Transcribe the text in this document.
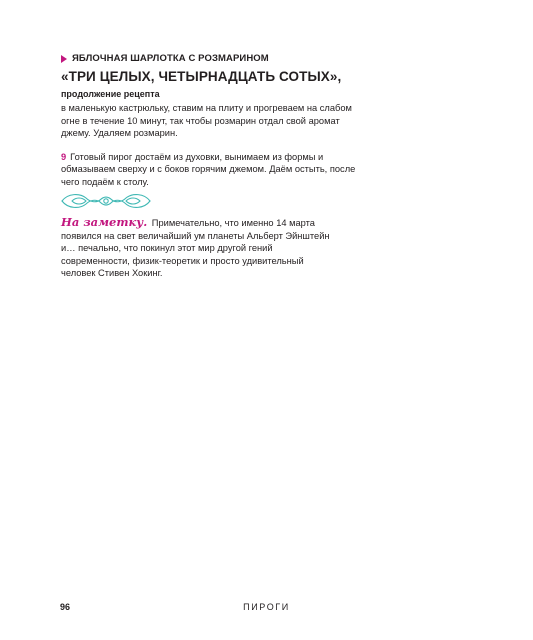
ЯБЛОЧНАЯ ШАРЛОТКА С РОЗМАРИНОМ
«ТРИ ЦЕЛЫХ, ЧЕТЫРНАДЦАТЬ СОТЫХ»,
продолжение рецепта

в маленькую кастрюльку, ставим на плиту и прогреваем на слабом огне в течение 10 минут, так чтобы розмарин отдал свой аромат джему. Удаляем розмарин.

9 Готовый пирог достаём из духовки, вынимаем из формы и обмазываем сверху и с боков горячим джемом. Даём остыть, после чего подаём к столу.

На заметку. Примечательно, что именно 14 марта появился на свет величайший ум планеты Альберт Эйнштейн и… печально, что покинул этот мир другой гений современности, физик-теоретик и просто удивительный человек Стивен Хокинг.

96	ПИРОГИ
